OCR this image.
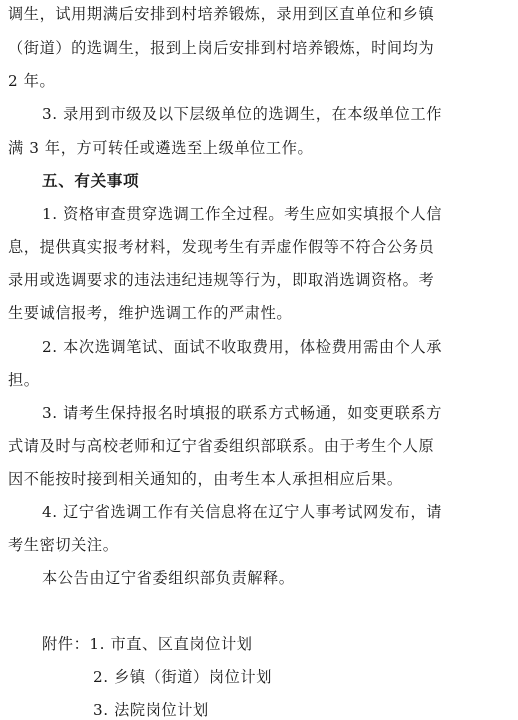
调生，试用期满后安排到村培养锻炼，录用到区直单位和乡镇
（街道）的选调生，报到上岗后安排到村培养锻炼，时间均为
2 年。
3. 录用到市级及以下层级单位的选调生，在本级单位工作
满 3 年，方可转任或遴选至上级单位工作。
五、有关事项
1. 资格审查贯穿选调工作全过程。考生应如实填报个人信
息，提供真实报考材料，发现考生有弄虚作假等不符合公务员
录用或选调要求的违法违纪违规等行为，即取消选调资格。考
生要诚信报考，维护选调工作的严肃性。
2. 本次选调笔试、面试不收取费用，体检费用需由个人承
担。
3. 请考生保持报名时填报的联系方式畅通，如变更联系方
式请及时与高校老师和辽宁省委组织部联系。由于考生个人原
因不能按时接到相关通知的，由考生本人承担相应后果。
4. 辽宁省选调工作有关信息将在辽宁人事考试网发布，请
考生密切关注。
本公告由辽宁省委组织部负责解释。
附件：1. 市直、区直岗位计划
2. 乡镇（街道）岗位计划
3. 法院岗位计划
